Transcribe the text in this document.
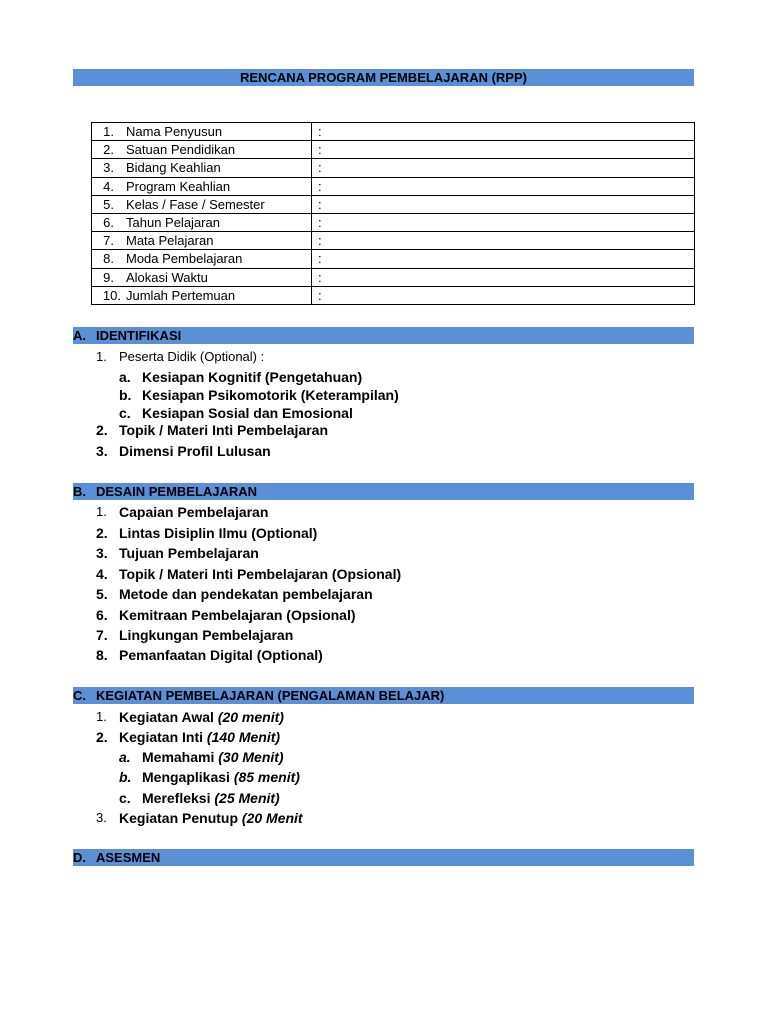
RENCANA PROGRAM PEMBELAJARAN (RPP)
1. Nama Penyusun	:
2. Satuan Pendidikan	:
3. Bidang Keahlian	:
4. Program Keahlian	:
5. Kelas / Fase / Semester	:
6. Tahun Pelajaran	:
7. Mata Pelajaran	:
8. Moda Pembelajaran	:
9. Alokasi Waktu	:
10. Jumlah Pertemuan	:
A. IDENTIFIKASI
1. Peserta Didik (Optional) :
a. Kesiapan Kognitif (Pengetahuan)
b. Kesiapan Psikomotorik (Keterampilan)
c. Kesiapan Sosial dan Emosional
2. Topik / Materi Inti Pembelajaran
3. Dimensi Profil Lulusan
B. DESAIN PEMBELAJARAN
1. Capaian Pembelajaran
2. Lintas Disiplin Ilmu (Optional)
3. Tujuan Pembelajaran
4. Topik / Materi Inti Pembelajaran (Opsional)
5. Metode dan pendekatan pembelajaran
6. Kemitraan Pembelajaran (Opsional)
7. Lingkungan Pembelajaran
8. Pemanfaatan Digital (Optional)
C. KEGIATAN PEMBELAJARAN (PENGALAMAN BELAJAR)
1. Kegiatan Awal (20 menit)
2. Kegiatan Inti (140 Menit)
a. Memahami (30 Menit)
b. Mengaplikasi (85 menit)
c. Merefleksi (25 Menit)
3. Kegiatan Penutup (20 Menit
D. ASESMEN
